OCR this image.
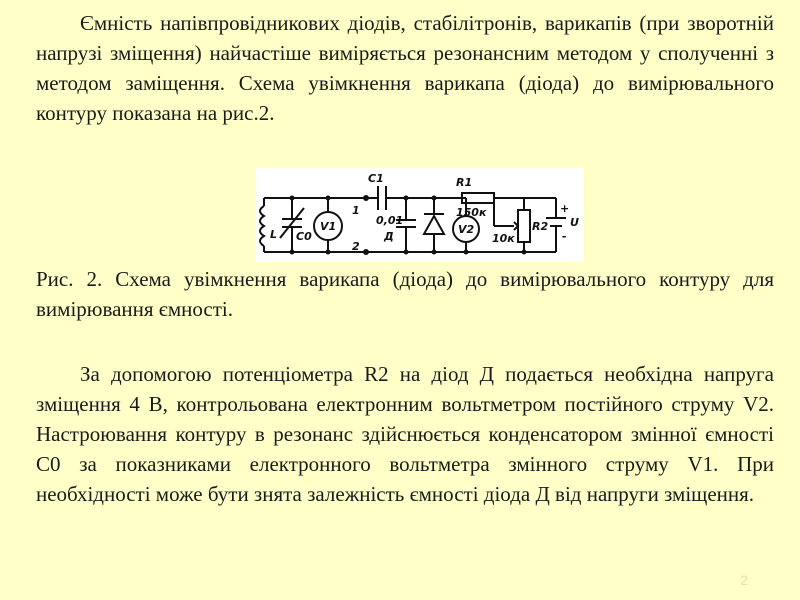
Ємність напівпровідникових діодів, стабілітронів, варикапів (при зворотній напрузі зміщення) найчастіше виміряється резонансним методом у сполученні з методом заміщення. Схема увімкнення варикапа (діода) до вимірювального контуру показана на рис.2.

C1
0,01
R1
150к
L C0
V1	V2
1
2
Д
R2
10к
+
-
U

Рис. 2. Схема увімкнення варикапа (діода) до вимірювального контуру для вимірювання ємності.

За допомогою потенціометра R2 на діод Д подається необхідна напруга зміщення 4 В, контрольована електронним вольтметром постійного струму V2. Настроювання контуру в резонанс здійснюється конденсатором змінної ємності C0 за показниками електронного вольтметра змінного струму V1. При необхідності може бути знята залежність ємності діода Д від напруги зміщення.

2
